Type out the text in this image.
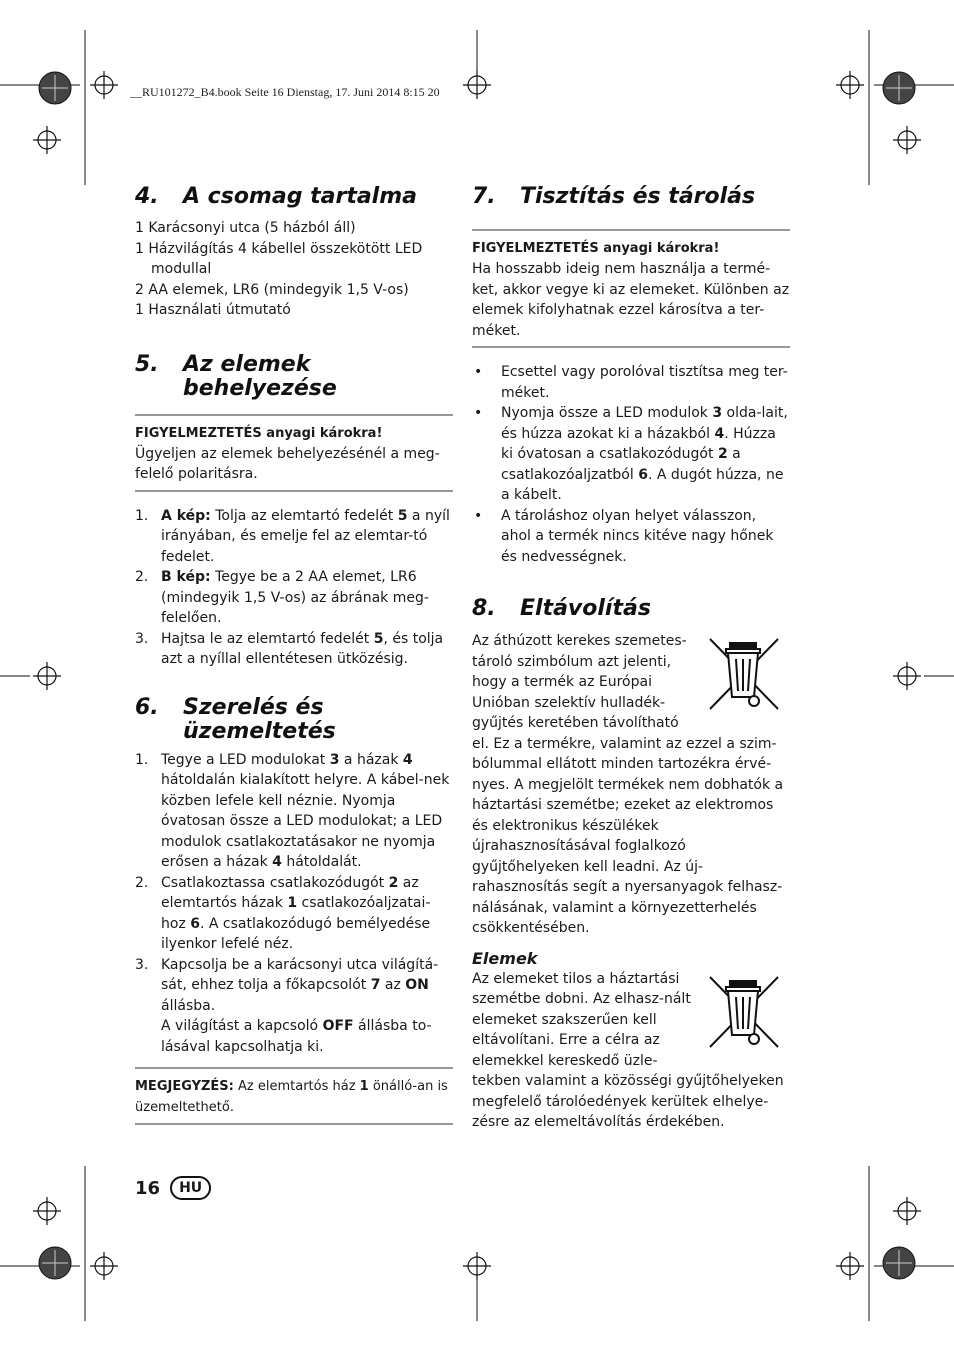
__RU101272_B4.book Seite 16 Dienstag, 17. Juni 2014 8:15 20

4.	A csomag tartalma

1 Karácsonyi utca (5 házból áll)

1 Házvilágítás 4 kábellel összekötött LED

modullal

2 AA elemek, LR6 (mindegyik 1,5 V-os)

1 Használati útmutató

5.	Az elemek
behelyezése
FIGYELMEZTETÉS anyagi károkra!

Ügyeljen az elemek behelyezésénél a meg-felelő polaritásra.

1. A kép: Tolja az elemtartó fedelét 5 a nyíl irányában, és emelje fel az elemtar-tó fedelet.
2. B kép: Tegye be a 2 AA elemet, LR6 (mindegyik 1,5 V-os) az ábrának meg-felelően.
3. Hajtsa le az elemtartó fedelét 5, és tolja azt a nyíllal ellentétesen ütközésig.
6.	Szerelés és
üzemeltetés
1. Tegye a LED modulokat 3 a házak 4 hátoldalán kialakított helyre. A kábel-nek közben lefele kell néznie. Nyomja óvatosan össze a LED modulokat; a LED modulok csatlakoztatásakor ne nyomja erősen a házak 4 hátoldalát.
2. Csatlakoztassa csatlakozódugót 2 az elemtartós házak 1 csatlakozóaljzatai-hoz 6. A csatlakozódugó bemélyedése ilyenkor lefelé néz.
3. Kapcsolja be a karácsonyi utca világítá-sát, ehhez tolja a főkapcsolót 7 az ON állásba.
A világítást a kapcsoló OFF állásba to-lásával kapcsolhatja ki.

MEGJEGYZÉS: Az elemtartós ház 1 önálló-an is üzemeltethető.

7.	Tisztítás és tárolás
FIGYELMEZTETÉS anyagi károkra!

Ha hosszabb ideig nem használja a termé-ket, akkor vegye ki az elemeket. Különben az elemek kifolyhatnak ezzel károsítva a ter-méket.

•	Ecsettel vagy porolóval tisztítsa meg ter-méket.
•	Nyomja össze a LED modulok 3 olda-lait, és húzza azokat ki a házakból 4. Húzza ki óvatosan a csatlakozódugót 2 a csatlakozóaljzatból 6. A dugót húzza, ne a kábelt.
•	A tároláshoz olyan helyet válasszon, ahol a termék nincs kitéve nagy hőnek és nedvességnek.
8.	Eltávolítás

Az áthúzott kerekes szemetes-tároló szimbólum azt jelenti, hogy a termék az Európai Unióban szelektív hulladék-gyűjtés keretében távolítható el. Ez a termékre, valamint az ezzel a szim-bólummal ellátott minden tartozékra érvé-nyes. A megjelölt termékek nem dobhatók a háztartási szemétbe; ezeket az elektromos és elektronikus készülékek újrahasznosításával foglalkozó gyűjtőhelyeken kell leadni. Az új-rahasznosítás segít a nyersanyagok felhasz-nálásának, valamint a környezetterhelés csökkentésében.

Elemek

Az elemeket tilos a háztartási szemétbe dobni. Az elhasz-nált elemeket szakszerűen kell eltávolítani. Erre a célra az elemekkel kereskedő üzle-tekben valamint a közösségi gyűjtőhelyeken megfelelő tárolóedények kerültek elhelye-zésre az elemeltávolítás érdekében.

16	HU
